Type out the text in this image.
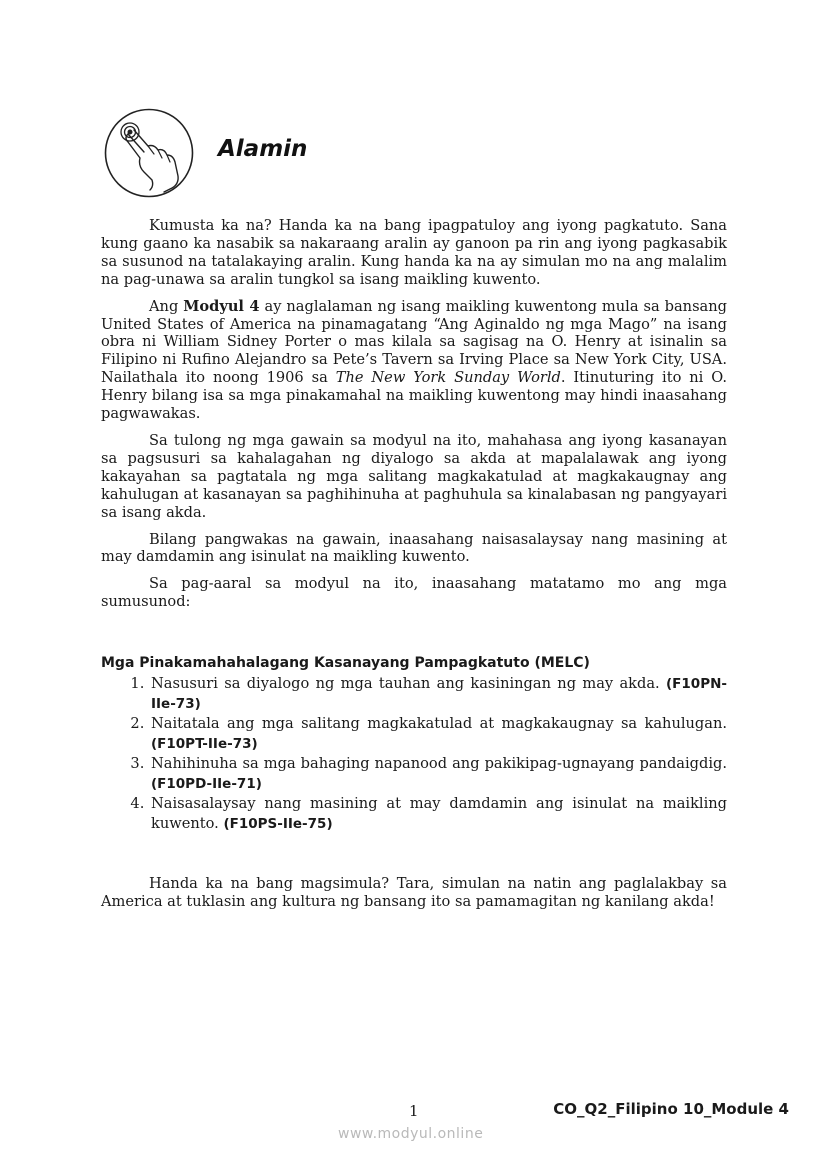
Alamin

Kumusta ka na? Handa ka na bang ipagpatuloy ang iyong pagkatuto. Sana kung gaano ka nasabik sa nakaraang aralin ay ganoon pa rin ang iyong pagkasabik sa susunod na tatalakaying aralin. Kung handa ka na ay simulan mo na ang malalim na pag-unawa sa aralin tungkol sa isang maikling kuwento.

Ang Modyul 4 ay naglalaman ng isang maikling kuwentong mula sa bansang United States of America na pinamagatang “Ang Aginaldo ng mga Mago” na isang obra ni William Sidney Porter o mas kilala sa sagisag na O. Henry at isinalin sa Filipino ni Rufino Alejandro sa Pete’s Tavern sa Irving Place sa New York City, USA. Nailathala ito noong 1906 sa The New York Sunday World. Itinuturing ito ni O. Henry bilang isa sa mga pinakamahal na maikling kuwentong may hindi inaasahang pagwawakas.

Sa tulong ng mga gawain sa modyul na ito, mahahasa ang iyong kasanayan sa pagsusuri sa kahalagahan ng diyalogo sa akda at mapalalawak ang iyong kakayahan sa pagtatala ng mga salitang magkakatulad at magkakaugnay ang kahulugan at kasanayan sa paghihinuha at paghuhula sa kinalabasan ng pangyayari sa isang akda.

Bilang pangwakas na gawain, inaasahang naisasalaysay nang masining at may damdamin ang isinulat na maikling kuwento.

Sa pag-aaral sa modyul na ito, inaasahang matatamo mo ang mga sumusunod:

Mga Pinakamahahalagang Kasanayang Pampagkatuto (MELC)
1. Nasusuri sa diyalogo ng mga tauhan ang kasiningan ng may akda. (F10PN-IIe-73)
2. Naitatala ang mga salitang magkakatulad at magkakaugnay sa kahulugan. (F10PT-IIe-73)
3. Nahihinuha sa mga bahaging napanood ang pakikipag-ugnayang pandaigdig. (F10PD-IIe-71)
4. Naisasalaysay nang masining at may damdamin ang isinulat na maikling kuwento. (F10PS-IIe-75)

Handa ka na bang magsimula? Tara, simulan na natin ang paglalakbay sa America at tuklasin ang kultura ng bansang ito sa pamamagitan ng kanilang akda!

1	CO_Q2_Filipino 10_Module 4
www.modyul.online
